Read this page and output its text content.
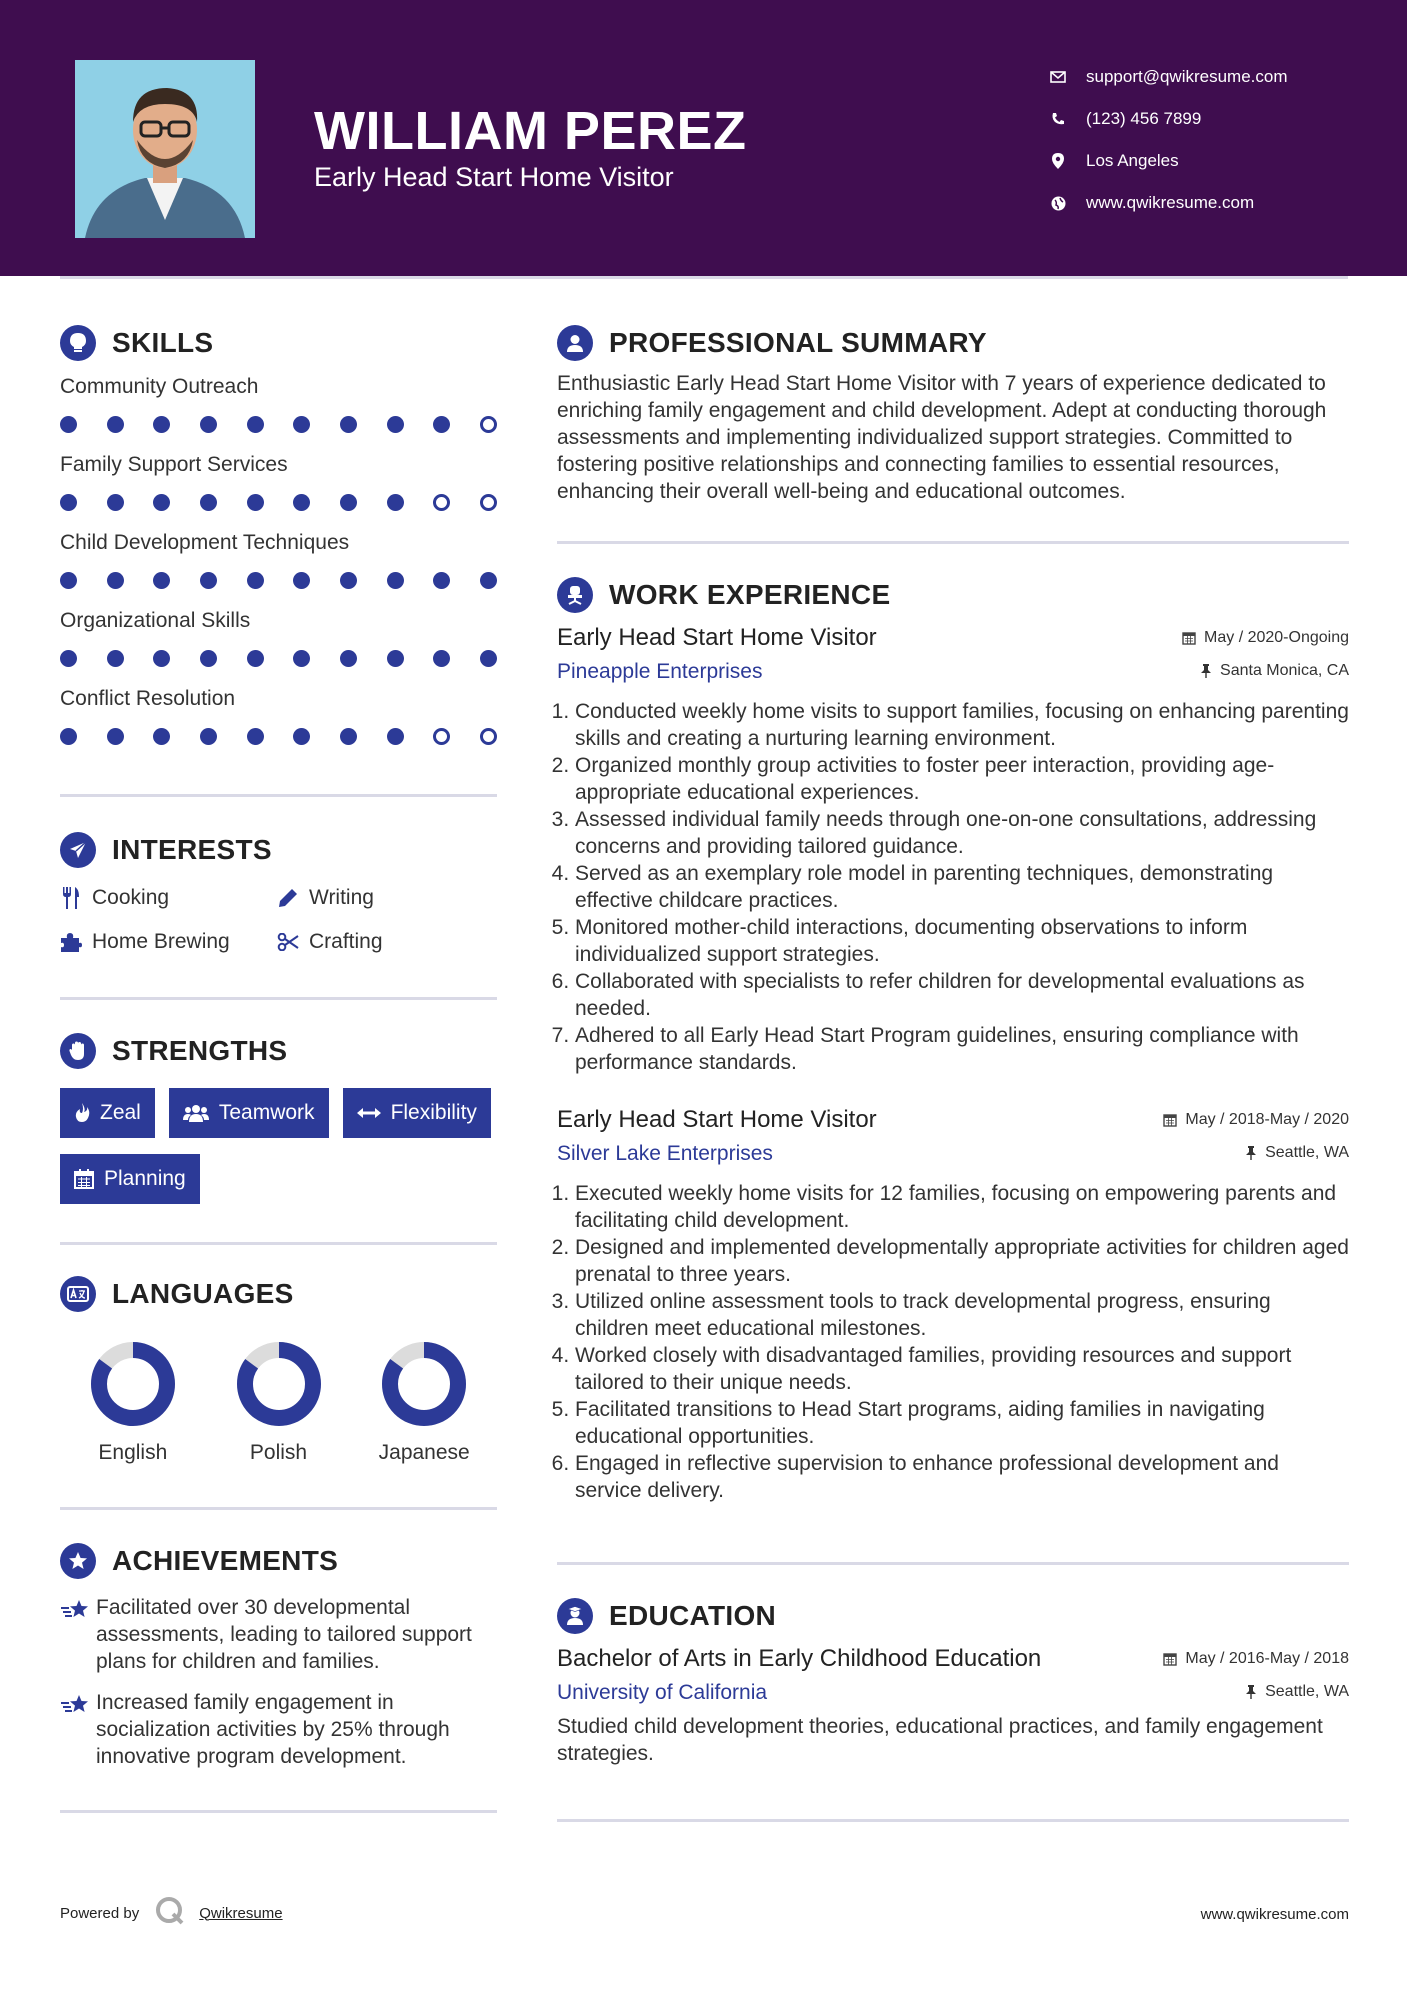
WILLIAM PEREZ
Early Head Start Home Visitor
support@qwikresume.com
(123) 456 7899
Los Angeles
www.qwikresume.com
SKILLS
Community Outreach
Family Support Services
Child Development Techniques
Organizational Skills
Conflict Resolution
INTERESTS
Cooking	Writing
Home Brewing	Crafting
STRENGTHS
Zeal	Teamwork	Flexibility
Planning
LANGUAGES
English	Polish	Japanese
ACHIEVEMENTS
Facilitated over 30 developmental assessments, leading to tailored support plans for children and families.
Increased family engagement in socialization activities by 25% through innovative program development.
PROFESSIONAL SUMMARY
Enthusiastic Early Head Start Home Visitor with 7 years of experience dedicated to enriching family engagement and child development. Adept at conducting thorough assessments and implementing individualized support strategies. Committed to fostering positive relationships and connecting families to essential resources, enhancing their overall well-being and educational outcomes.
WORK EXPERIENCE
Early Head Start Home Visitor	May / 2020-Ongoing
Pineapple Enterprises	Santa Monica, CA
1. Conducted weekly home visits to support families, focusing on enhancing parenting skills and creating a nurturing learning environment.
2. Organized monthly group activities to foster peer interaction, providing age-appropriate educational experiences.
3. Assessed individual family needs through one-on-one consultations, addressing concerns and providing tailored guidance.
4. Served as an exemplary role model in parenting techniques, demonstrating effective childcare practices.
5. Monitored mother-child interactions, documenting observations to inform individualized support strategies.
6. Collaborated with specialists to refer children for developmental evaluations as needed.
7. Adhered to all Early Head Start Program guidelines, ensuring compliance with performance standards.
Early Head Start Home Visitor	May / 2018-May / 2020
Silver Lake Enterprises	Seattle, WA
1. Executed weekly home visits for 12 families, focusing on empowering parents and facilitating child development.
2. Designed and implemented developmentally appropriate activities for children aged prenatal to three years.
3. Utilized online assessment tools to track developmental progress, ensuring children meet educational milestones.
4. Worked closely with disadvantaged families, providing resources and support tailored to their unique needs.
5. Facilitated transitions to Head Start programs, aiding families in navigating educational opportunities.
6. Engaged in reflective supervision to enhance professional development and service delivery.
EDUCATION
Bachelor of Arts in Early Childhood Education	May / 2016-May / 2018
University of California	Seattle, WA
Studied child development theories, educational practices, and family engagement strategies.
Powered by	Qwikresume	www.qwikresume.com
